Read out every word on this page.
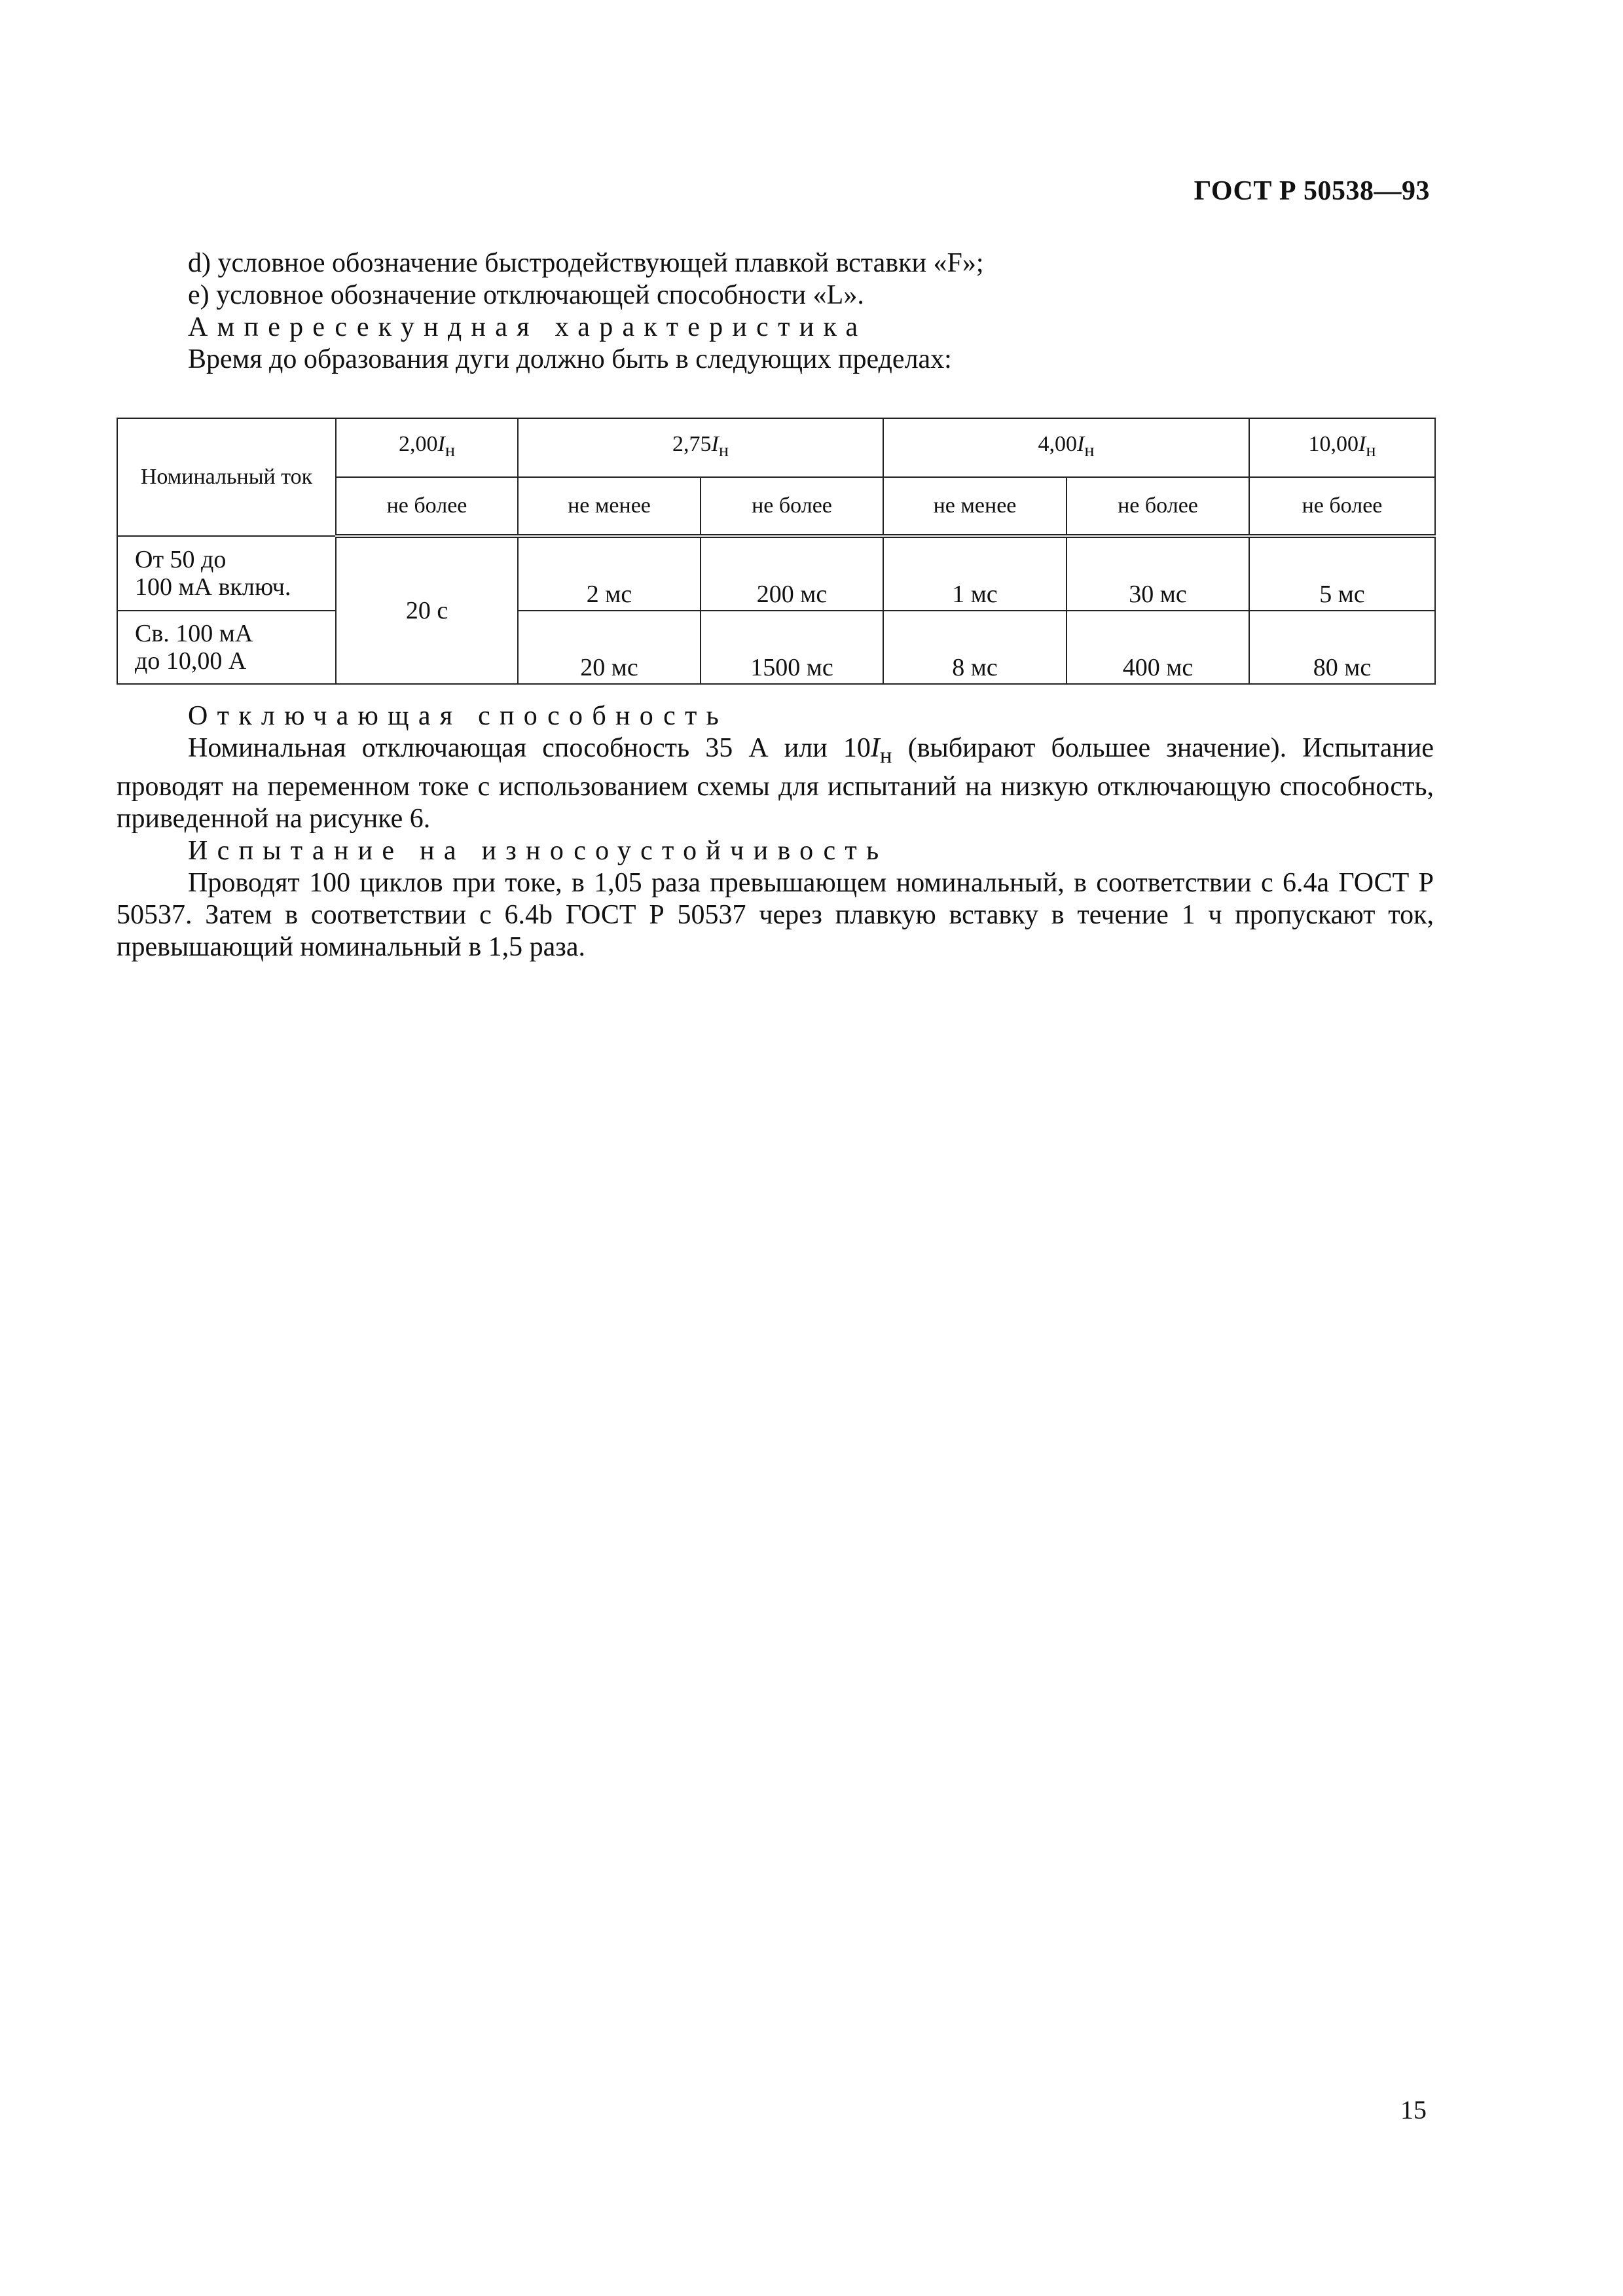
ГОСТ Р 50538—93

d) условное обозначение быстродействующей плавкой вставки «F»;

e) условное обозначение отключающей способности «L».

Ампересекундная характеристика

Время до образования дуги должно быть в следующих пределах:

Номинальный ток	$2,00I_н$	$2,75I_н$		$4,00I_н$		$10,00I_н$
	не более	не менее	не более	не менее	не более	не более
От 50 до
100 мА включ.	20 с	2 мс	200 мс	1 мс	30 мс	5 мс
Св. 100 мА
до 10,00 А		20 мс	1500 мс	8 мс	400 мс	80 мс

Отключающая способность

Номинальная отключающая способность 35 А или $10I_н$ (выбирают большее значение). Испытание проводят на переменном токе с использованием схемы для испытаний на низкую отключающую способность, приведенной на рисунке 6.

Испытание на износоустойчивость

Проводят 100 циклов при токе, в 1,05 раза превышающем номинальный, в соответствии с 6.4а ГОСТ Р 50537. Затем в соответствии с 6.4b ГОСТ Р 50537 через плавкую вставку в течение 1 ч пропускают ток, превышающий номинальный в 1,5 раза.

15
